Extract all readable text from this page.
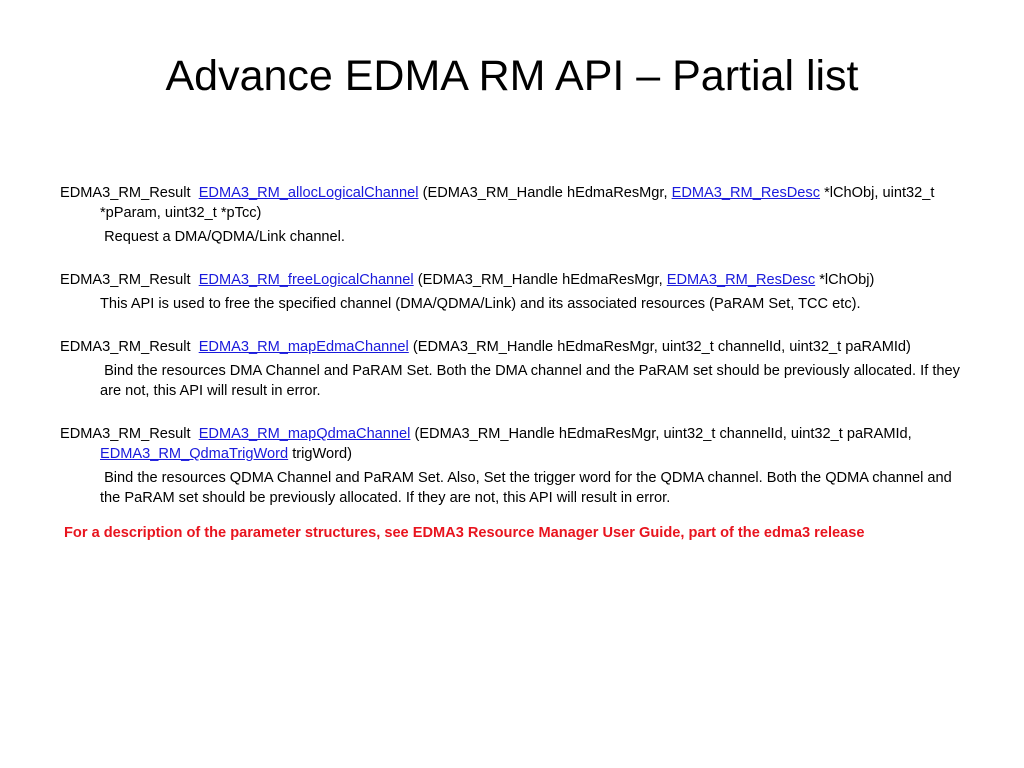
Advance EDMA RM API – Partial list

EDMA3_RM_Result EDMA3_RM_allocLogicalChannel (EDMA3_RM_Handle hEdmaResMgr, EDMA3_RM_ResDesc *lChObj, uint32_t *pParam, uint32_t *pTcc)

Request a DMA/QDMA/Link channel.

EDMA3_RM_Result EDMA3_RM_freeLogicalChannel (EDMA3_RM_Handle hEdmaResMgr, EDMA3_RM_ResDesc *lChObj)

This API is used to free the specified channel (DMA/QDMA/Link) and its associated resources (PaRAM Set, TCC etc).

EDMA3_RM_Result EDMA3_RM_mapEdmaChannel (EDMA3_RM_Handle hEdmaResMgr, uint32_t channelId, uint32_t paRAMId)

Bind the resources DMA Channel and PaRAM Set. Both the DMA channel and the PaRAM set should be previously allocated. If they are not, this API will result in error.

EDMA3_RM_Result EDMA3_RM_mapQdmaChannel (EDMA3_RM_Handle hEdmaResMgr, uint32_t channelId, uint32_t paRAMId, EDMA3_RM_QdmaTrigWord trigWord)

Bind the resources QDMA Channel and PaRAM Set. Also, Set the trigger word for the QDMA channel. Both the QDMA channel and the PaRAM set should be previously allocated. If they are not, this API will result in error.

For a description of the parameter structures, see EDMA3 Resource Manager User Guide, part of the edma3 release
